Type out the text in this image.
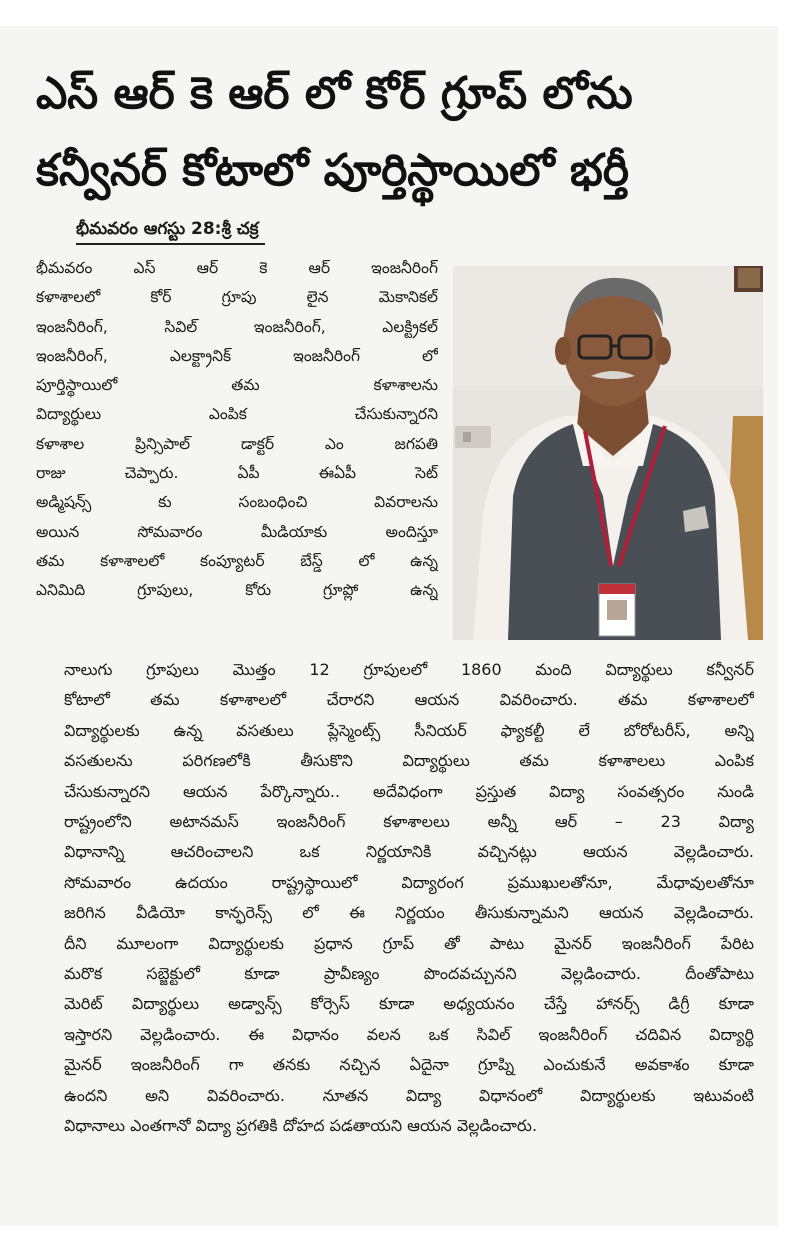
ఎస్ ఆర్ కె ఆర్ లో కోర్ గ్రూప్ లోను
కన్వీనర్ కోటాలో పూర్తిస్థాయిలో భర్తీ
భీమవరం ఆగస్టు 28:శ్రీ చక్ర
భీమవరం ఎస్ ఆర్ కె ఆర్ ఇంజనీరింగ్
కళాశాలలో కోర్ గ్రూపు లైన మెకానికల్
ఇంజనీరింగ్, సివిల్ ఇంజనీరింగ్, ఎలక్ట్రికల్
ఇంజనీరింగ్, ఎలక్ట్రానిక్ ఇంజనీరింగ్ లో
పూర్తిస్థాయిలో తమ కళాశాలను
విద్యార్థులు ఎంపిక చేసుకున్నారని
కళాశాల ప్రిన్సిపాల్ డాక్టర్ ఎం జగపతి
రాజు చెప్పారు. ఏపీ ఈఏపీ సెట్
అడ్మిషన్స్ కు సంబంధించి వివరాలను
అయిన సోమవారం మీడియాకు అందిస్తూ
తమ కళాశాలలో కంప్యూటర్ బేస్డ్ లో ఉన్న
ఎనిమిది గ్రూపులు, కోరు గ్రూప్లో ఉన్న
నాలుగు గ్రూపులు మొత్తం 12 గ్రూపులలో 1860 మంది విద్యార్థులు కన్వీనర్
కోటాలో తమ కళాశాలలో చేరారని ఆయన వివరించారు. తమ కళాశాలలో
విద్యార్థులకు ఉన్న వసతులు ప్లేస్మెంట్స్ సీనియర్ ఫ్యాకల్టీ లే బోరోటరీస్, అన్ని
వసతులను పరిగణలోకి తీసుకొని విద్యార్థులు తమ కళాశాలలు ఎంపిక
చేసుకున్నారని ఆయన పేర్కొన్నారు.. అదేవిధంగా ప్రస్తుత విద్యా సంవత్సరం నుండి
రాష్ట్రంలోని అటానమస్ ఇంజనీరింగ్ కళాశాలలు అన్నీ ఆర్ – 23 విద్యా
విధానాన్ని ఆచరించాలని ఒక నిర్ణయానికి వచ్చినట్లు ఆయన వెల్లడించారు.
సోమవారం ఉదయం రాష్ట్రస్థాయిలో విద్యారంగ ప్రముఖులతోనూ, మేధావులతోనూ
జరిగిన వీడియో కాన్ఫరెన్స్ లో ఈ నిర్ణయం తీసుకున్నామని ఆయన వెల్లడించారు.
దీని మూలంగా విద్యార్థులకు ప్రధాన గ్రూప్ తో పాటు మైనర్ ఇంజనీరింగ్ పేరిట
మరొక సబ్జెక్టులో కూడా ప్రావీణ్యం పొందవచ్చునని వెల్లడించారు. దీంతోపాటు
మెరిట్ విద్యార్థులు అడ్వాన్స్ కోర్సెస్ కూడా అధ్యయనం చేస్తే హానర్స్ డిగ్రీ కూడా
ఇస్తారని వెల్లడించారు. ఈ విధానం వలన ఒక సివిల్ ఇంజనీరింగ్ చదివిన విద్యార్థి
మైనర్ ఇంజనీరింగ్ గా తనకు నచ్చిన ఏదైనా గ్రూప్ని ఎంచుకునే అవకాశం కూడా
ఉందని అని వివరించారు. నూతన విద్యా విధానంలో విద్యార్థులకు ఇటువంటి
విధానాలు ఎంతగానో విద్యా ప్రగతికి దోహద పడతాయని ఆయన వెల్లడించారు.
